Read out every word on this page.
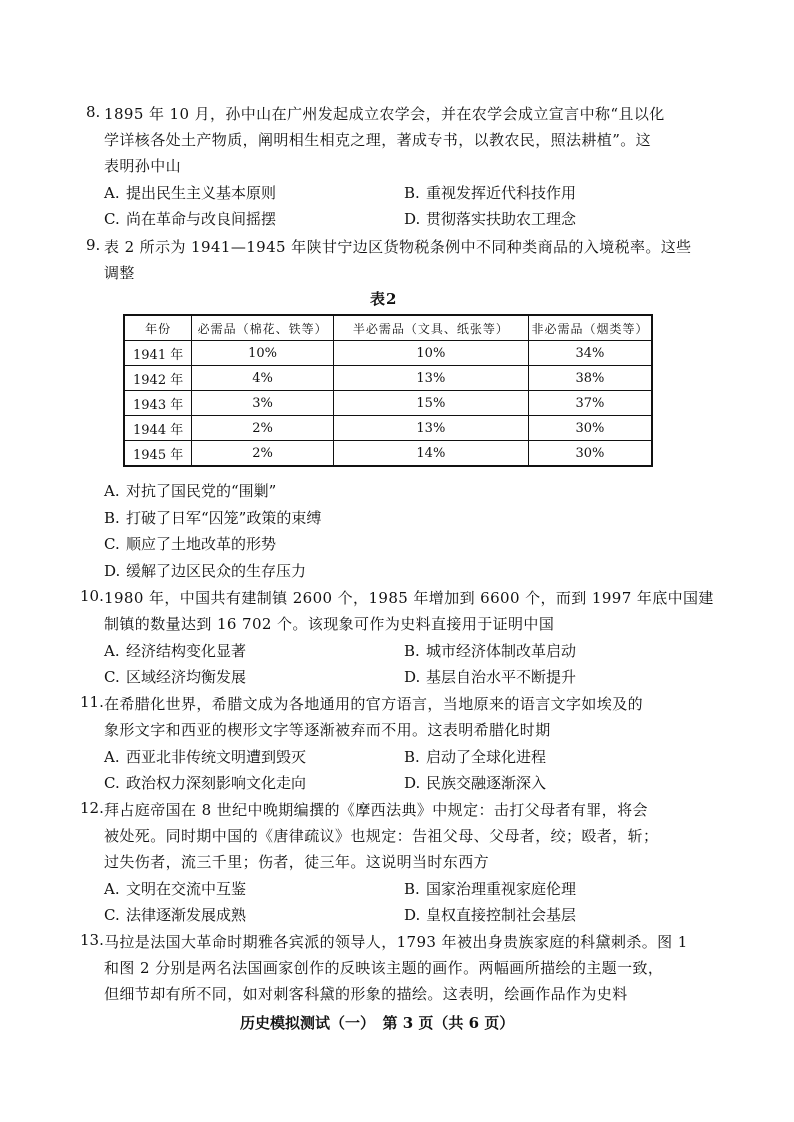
8. 1895 年 10 月，孙中山在广州发起成立农学会，并在农学会成立宣言中称“且以化
学详核各处土产物质，阐明相生相克之理，著成专书，以教农民，照法耕植”。这
表明孙中山
A. 提出民生主义基本原则	B. 重视发挥近代科技作用
C. 尚在革命与改良间摇摆	D. 贯彻落实扶助农工理念
9. 表 2 所示为 1941—1945 年陕甘宁边区货物税条例中不同种类商品的入境税率。这些
调整
表2
年份	必需品（棉花、铁等）	半必需品（文具、纸张等）	非必需品（烟类等）
1941 年	10%	10%	34%
1942 年	4%	13%	38%
1943 年	3%	15%	37%
1944 年	2%	13%	30%
1945 年	2%	14%	30%
A. 对抗了国民党的“围剿”
B. 打破了日军“囚笼”政策的束缚
C. 顺应了土地改革的形势
D. 缓解了边区民众的生存压力
10. 1980 年，中国共有建制镇 2600 个，1985 年增加到 6600 个，而到 1997 年底中国建
制镇的数量达到 16 702 个。该现象可作为史料直接用于证明中国
A. 经济结构变化显著	B. 城市经济体制改革启动
C. 区域经济均衡发展	D. 基层自治水平不断提升
11. 在希腊化世界，希腊文成为各地通用的官方语言，当地原来的语言文字如埃及的
象形文字和西亚的楔形文字等逐渐被弃而不用。这表明希腊化时期
A. 西亚北非传统文明遭到毁灭	B. 启动了全球化进程
C. 政治权力深刻影响文化走向	D. 民族交融逐渐深入
12. 拜占庭帝国在 8 世纪中晚期编撰的《摩西法典》中规定：击打父母者有罪，将会
被处死。同时期中国的《唐律疏议》也规定：告祖父母、父母者，绞；殴者，斩；
过失伤者，流三千里；伤者，徒三年。这说明当时东西方
A. 文明在交流中互鉴	B. 国家治理重视家庭伦理
C. 法律逐渐发展成熟	D. 皇权直接控制社会基层
13. 马拉是法国大革命时期雅各宾派的领导人，1793 年被出身贵族家庭的科黛刺杀。图 1
和图 2 分别是两名法国画家创作的反映该主题的画作。两幅画所描绘的主题一致，
但细节却有所不同，如对刺客科黛的形象的描绘。这表明，绘画作品作为史料
历史模拟测试（一）　第 3 页（共 6 页）
